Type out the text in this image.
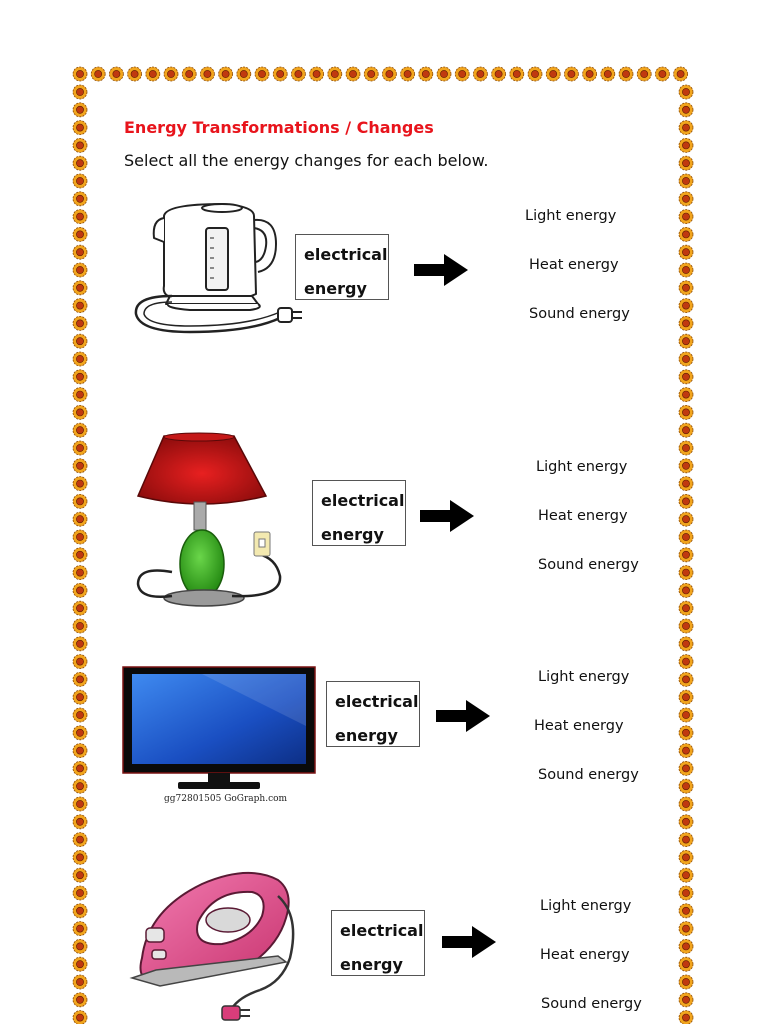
Energy Transformations / Changes
Select all the energy changes for each below.
electrical
energy
Light energy
Heat energy
Sound energy
electrical
energy
Light energy
Heat energy
Sound energy
gg72801505 GoGraph.com
electrical
energy
Light energy
Heat energy
Sound energy
electrical
energy
Light energy
Heat energy
Sound energy
